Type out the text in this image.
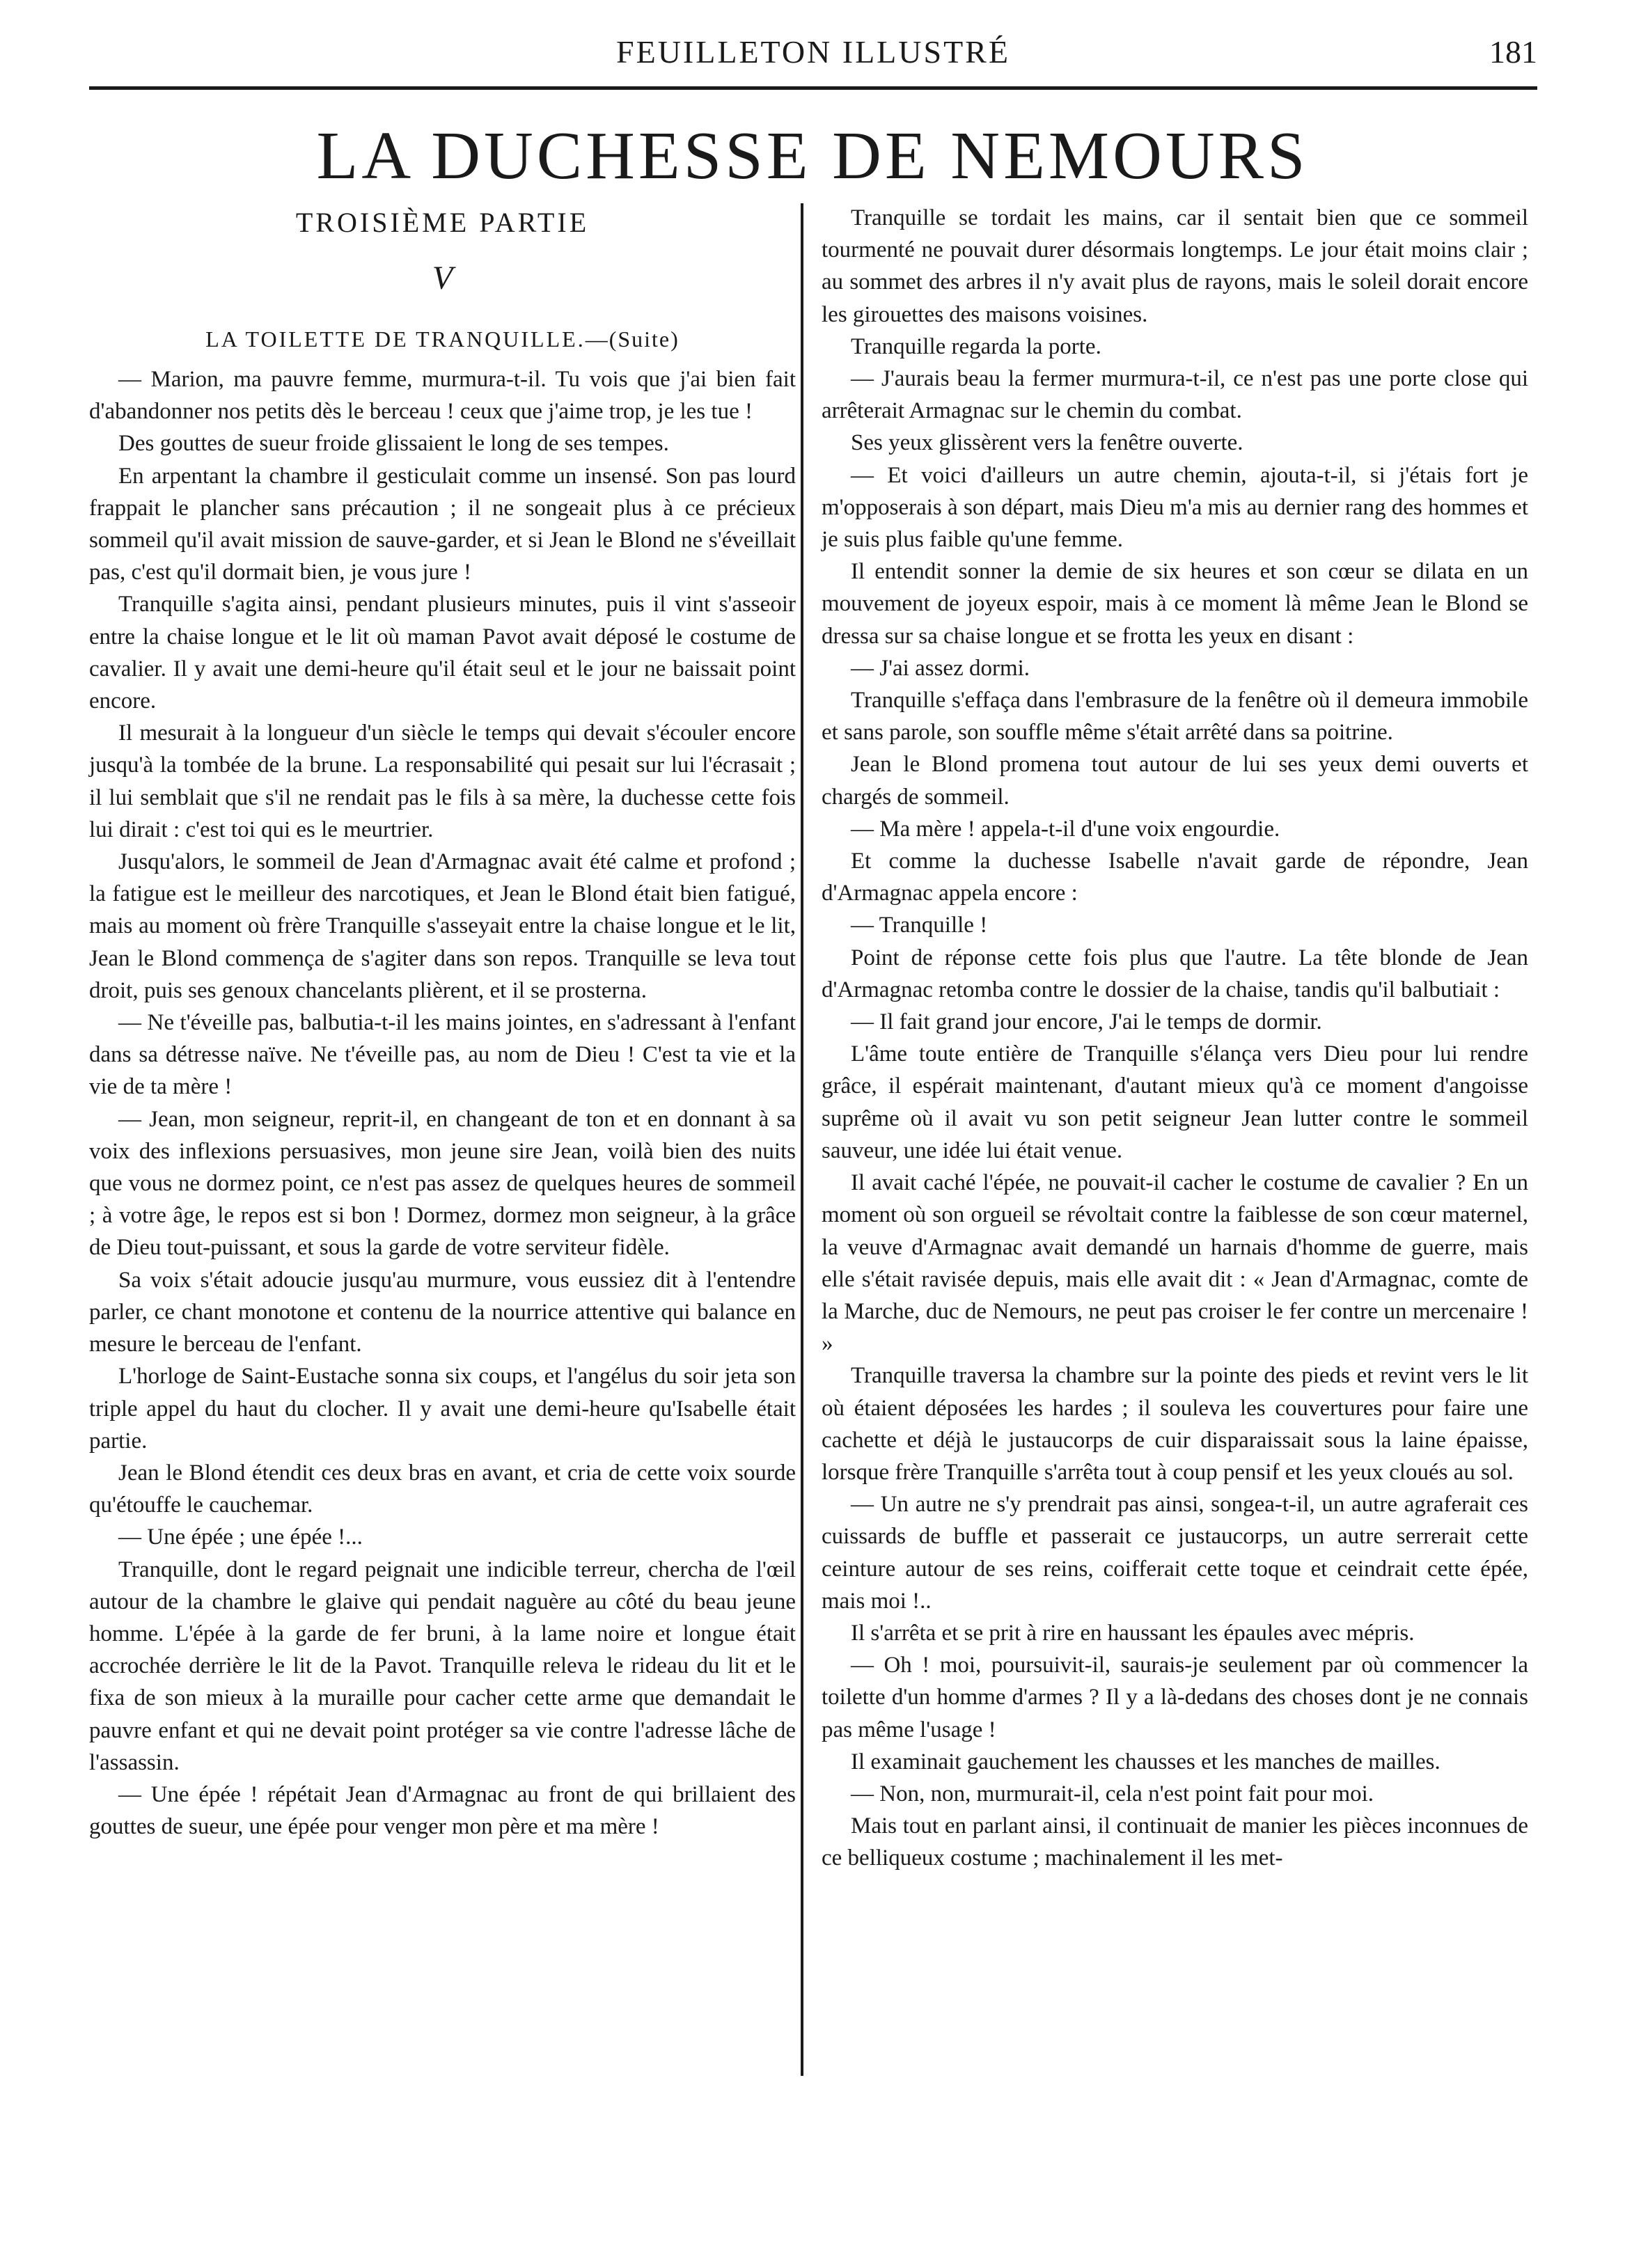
FEUILLETON ILLUSTRÉ	181
LA DUCHESSE DE NEMOURS
TROISIÈME PARTIE
V
LA TOILETTE DE TRANQUILLE.—(Suite)

— Marion, ma pauvre femme, murmura-t-il. Tu vois que j'ai bien fait d'abandonner nos petits dès le berceau ! ceux que j'aime trop, je les tue !

Des gouttes de sueur froide glissaient le long de ses tempes.

En arpentant la chambre il gesticulait comme un insensé. Son pas lourd frappait le plancher sans précaution ; il ne songeait plus à ce précieux sommeil qu'il avait mission de sauve-garder, et si Jean le Blond ne s'éveillait pas, c'est qu'il dormait bien, je vous jure !

Tranquille s'agita ainsi, pendant plusieurs minutes, puis il vint s'asseoir entre la chaise longue et le lit où maman Pavot avait déposé le costume de cavalier. Il y avait une demi-heure qu'il était seul et le jour ne baissait point encore.

Il mesurait à la longueur d'un siècle le temps qui devait s'écouler encore jusqu'à la tombée de la brune. La responsabilité qui pesait sur lui l'écrasait ; il lui semblait que s'il ne rendait pas le fils à sa mère, la duchesse cette fois lui dirait : c'est toi qui es le meurtrier.

Jusqu'alors, le sommeil de Jean d'Armagnac avait été calme et profond ; la fatigue est le meilleur des narcotiques, et Jean le Blond était bien fatigué, mais au moment où frère Tranquille s'asseyait entre la chaise longue et le lit, Jean le Blond commença de s'agiter dans son repos. Tranquille se leva tout droit, puis ses genoux chancelants plièrent, et il se prosterna.

— Ne t'éveille pas, balbutia-t-il les mains jointes, en s'adressant à l'enfant dans sa détresse naïve. Ne t'éveille pas, au nom de Dieu ! C'est ta vie et la vie de ta mère !

— Jean, mon seigneur, reprit-il, en changeant de ton et en donnant à sa voix des inflexions persuasives, mon jeune sire Jean, voilà bien des nuits que vous ne dormez point, ce n'est pas assez de quelques heures de sommeil ; à votre âge, le repos est si bon ! Dormez, dormez mon seigneur, à la grâce de Dieu tout-puissant, et sous la garde de votre serviteur fidèle.

Sa voix s'était adoucie jusqu'au murmure, vous eussiez dit à l'entendre parler, ce chant monotone et contenu de la nourrice attentive qui balance en mesure le berceau de l'enfant.

L'horloge de Saint-Eustache sonna six coups, et l'angélus du soir jeta son triple appel du haut du clocher. Il y avait une demi-heure qu'Isabelle était partie.

Jean le Blond étendit ces deux bras en avant, et cria de cette voix sourde qu'étouffe le cauchemar.

— Une épée ; une épée !...

Tranquille, dont le regard peignait une indicible terreur, chercha de l'œil autour de la chambre le glaive qui pendait naguère au côté du beau jeune homme. L'épée à la garde de fer bruni, à la lame noire et longue était accrochée derrière le lit de la Pavot. Tranquille releva le rideau du lit et le fixa de son mieux à la muraille pour cacher cette arme que demandait le pauvre enfant et qui ne devait point protéger sa vie contre l'adresse lâche de l'assassin.

— Une épée ! répétait Jean d'Armagnac au front de qui brillaient des gouttes de sueur, une épée pour venger mon père et ma mère !

Tranquille se tordait les mains, car il sentait bien que ce sommeil tourmenté ne pouvait durer désormais longtemps. Le jour était moins clair ; au sommet des arbres il n'y avait plus de rayons, mais le soleil dorait encore les girouettes des maisons voisines.

Tranquille regarda la porte.

— J'aurais beau la fermer murmura-t-il, ce n'est pas une porte close qui arrêterait Armagnac sur le chemin du combat.

Ses yeux glissèrent vers la fenêtre ouverte.

— Et voici d'ailleurs un autre chemin, ajouta-t-il, si j'étais fort je m'opposerais à son départ, mais Dieu m'a mis au dernier rang des hommes et je suis plus faible qu'une femme.

Il entendit sonner la demie de six heures et son cœur se dilata en un mouvement de joyeux espoir, mais à ce moment là même Jean le Blond se dressa sur sa chaise longue et se frotta les yeux en disant :

— J'ai assez dormi.

Tranquille s'effaça dans l'embrasure de la fenêtre où il demeura immobile et sans parole, son souffle même s'était arrêté dans sa poitrine.

Jean le Blond promena tout autour de lui ses yeux demi ouverts et chargés de sommeil.

— Ma mère ! appela-t-il d'une voix engourdie.

Et comme la duchesse Isabelle n'avait garde de répondre, Jean d'Armagnac appela encore :

— Tranquille !

Point de réponse cette fois plus que l'autre. La tête blonde de Jean d'Armagnac retomba contre le dossier de la chaise, tandis qu'il balbutiait :

— Il fait grand jour encore, J'ai le temps de dormir.

L'âme toute entière de Tranquille s'élança vers Dieu pour lui rendre grâce, il espérait maintenant, d'autant mieux qu'à ce moment d'angoisse suprême où il avait vu son petit seigneur Jean lutter contre le sommeil sauveur, une idée lui était venue.

Il avait caché l'épée, ne pouvait-il cacher le costume de cavalier ? En un moment où son orgueil se révoltait contre la faiblesse de son cœur maternel, la veuve d'Armagnac avait demandé un harnais d'homme de guerre, mais elle s'était ravisée depuis, mais elle avait dit : « Jean d'Armagnac, comte de la Marche, duc de Nemours, ne peut pas croiser le fer contre un mercenaire ! »

Tranquille traversa la chambre sur la pointe des pieds et revint vers le lit où étaient déposées les hardes ; il souleva les couvertures pour faire une cachette et déjà le justaucorps de cuir disparaissait sous la laine épaisse, lorsque frère Tranquille s'arrêta tout à coup pensif et les yeux cloués au sol.

— Un autre ne s'y prendrait pas ainsi, songea-t-il, un autre agraferait ces cuissards de buffle et passerait ce justaucorps, un autre serrerait cette ceinture autour de ses reins, coifferait cette toque et ceindrait cette épée, mais moi !..

Il s'arrêta et se prit à rire en haussant les épaules avec mépris.

— Oh ! moi, poursuivit-il, saurais-je seulement par où commencer la toilette d'un homme d'armes ? Il y a là-dedans des choses dont je ne connais pas même l'usage !

Il examinait gauchement les chausses et les manches de mailles.

— Non, non, murmurait-il, cela n'est point fait pour moi.

Mais tout en parlant ainsi, il continuait de manier les pièces inconnues de ce belliqueux costume ; machinalement il les met-
